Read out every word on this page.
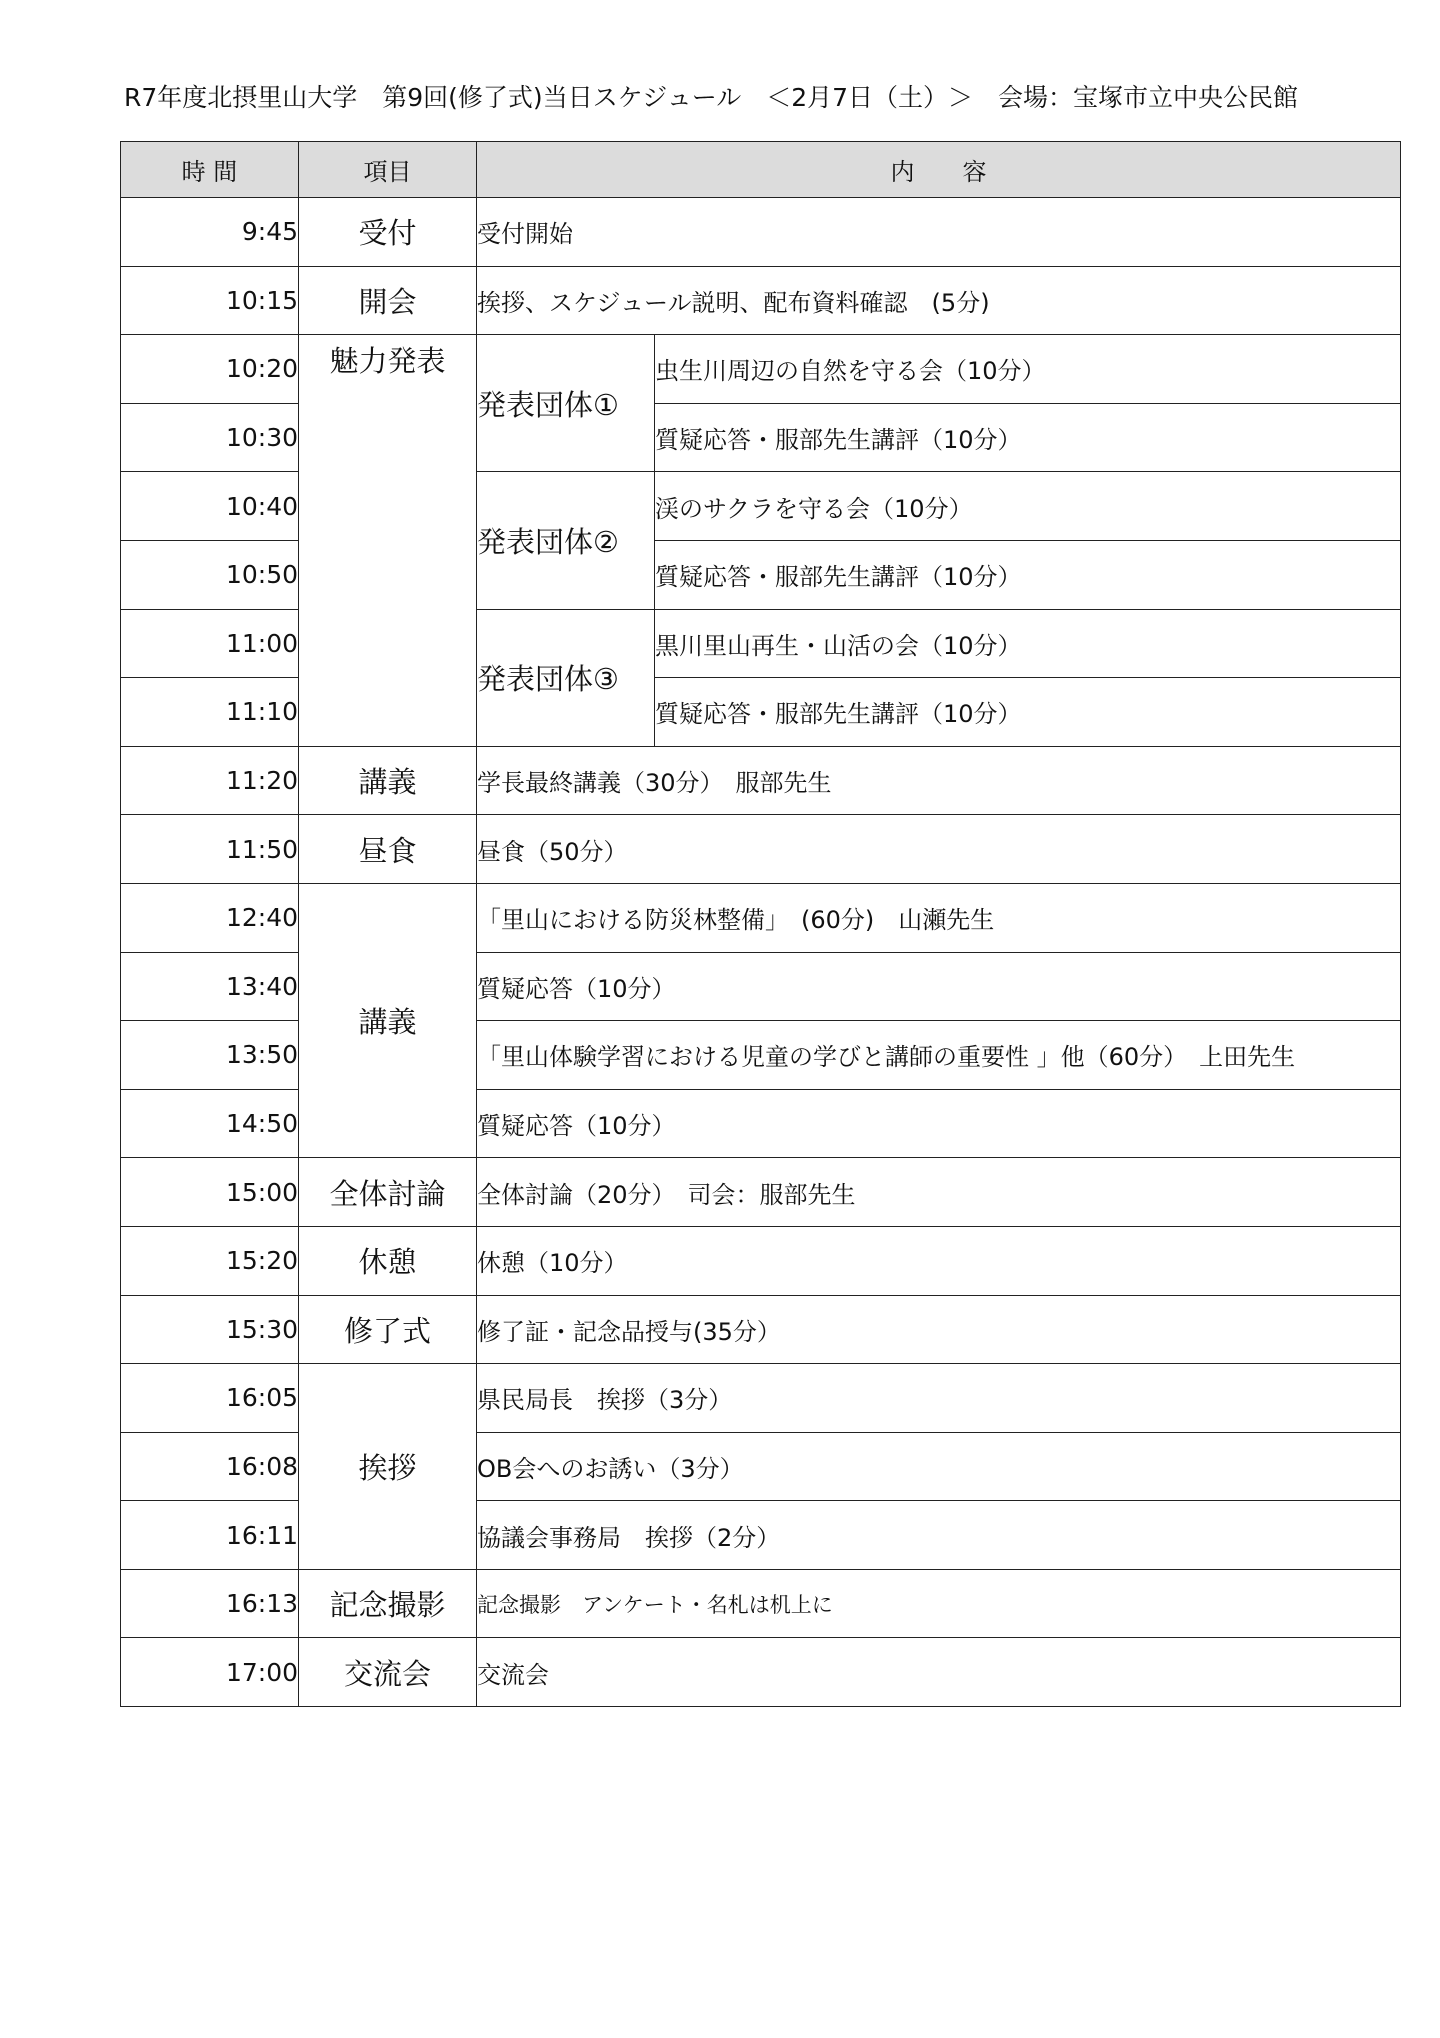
R7年度北摂里山大学　第9回(修了式)当日スケジュール　＜2月7日（土）＞　会場：宝塚市立中央公民館
時 間	項目	内　　容	
9:45	受付	受付開始	
10:15	開会	挨拶、スケジュール説明、配布資料確認　(5分)	
10:20	魅力発表	発表団体①	虫生川周辺の自然を守る会（10分）
10:30			質疑応答・服部先生講評（10分）
10:40		発表団体②	渓のサクラを守る会（10分）
10:50			質疑応答・服部先生講評（10分）
11:00		発表団体③	黒川里山再生・山活の会（10分）
11:10			質疑応答・服部先生講評（10分）
11:20	講義	学長最終講義（30分）　服部先生	
11:50	昼食	昼食（50分）	
12:40	講義	「里山における防災林整備」　(60分)　山瀬先生	
13:40		質疑応答（10分）	
13:50		「里山体験学習における児童の学びと講師の重要性 」他（60分）　上田先生	
14:50		質疑応答（10分）	
15:00	全体討論	全体討論（20分）　司会：服部先生	
15:20	休憩	休憩（10分）	
15:30	修了式	修了証・記念品授与(35分）	
16:05	挨拶	県民局長　挨拶（3分）	
16:08		OB会へのお誘い（3分）	
16:11		協議会事務局　挨拶（2分）	
16:13	記念撮影	記念撮影　アンケート・名札は机上に	
17:00	交流会	交流会	
